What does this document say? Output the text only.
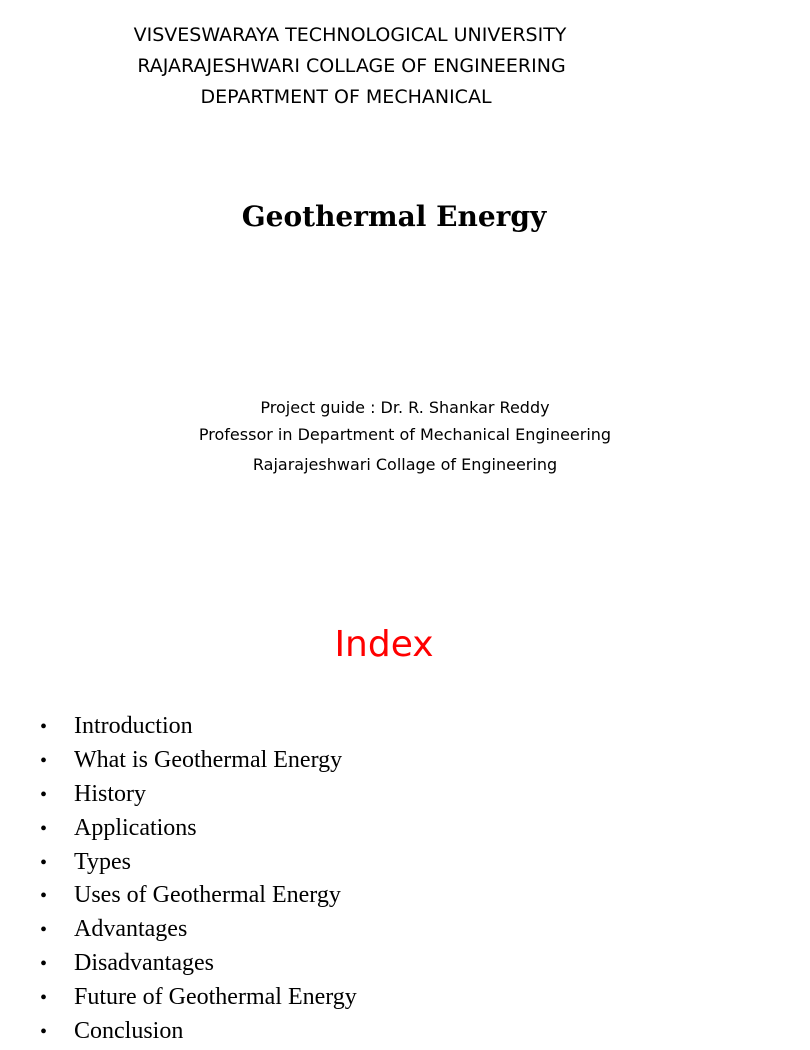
VISVESWARAYA TECHNOLOGICAL UNIVERSITY
RAJARAJESHWARI COLLAGE OF ENGINEERING
DEPARTMENT OF MECHANICAL
Geothermal Energy
Project guide : Dr. R. Shankar Reddy
Professor in Department of Mechanical Engineering
Rajarajeshwari Collage of Engineering
Index
• Introduction
• What is Geothermal Energy
• History
• Applications
• Types
• Uses of Geothermal Energy
• Advantages
• Disadvantages
• Future of Geothermal Energy
• Conclusion
